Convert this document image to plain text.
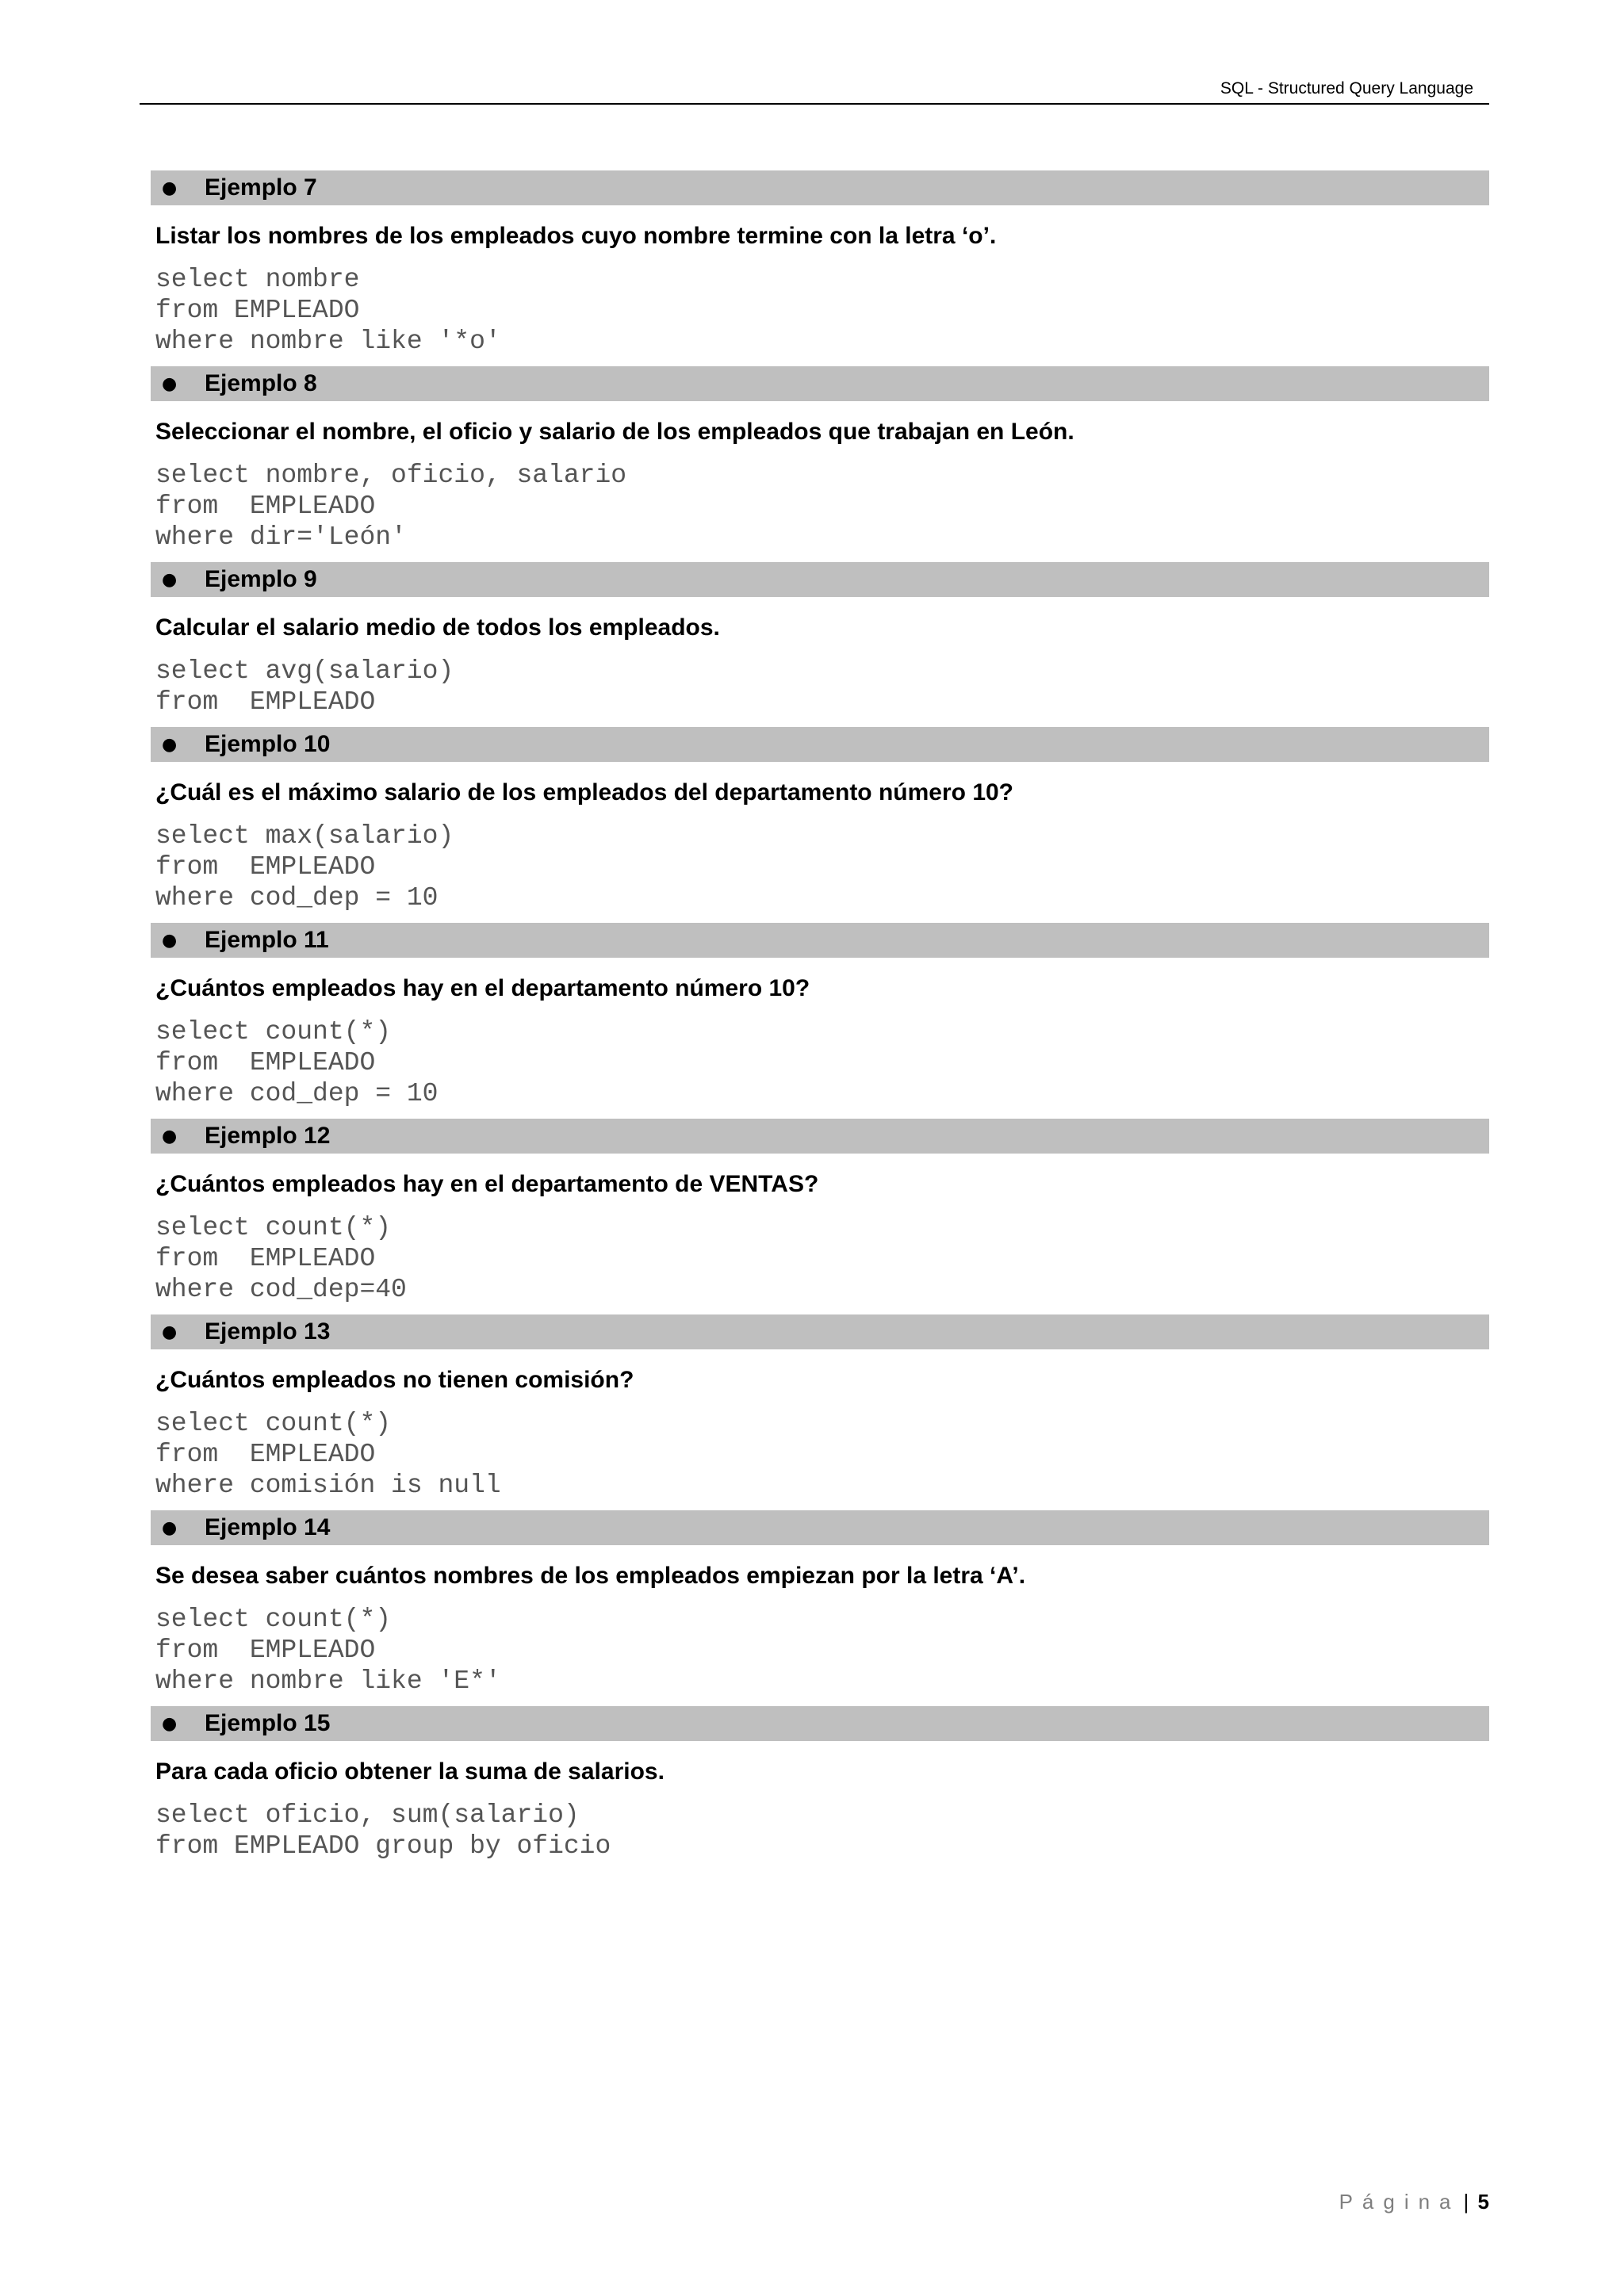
SQL - Structured Query Language
●	Ejemplo 7
Listar los nombres de los empleados cuyo nombre termine con la letra ‘o’.
select nombre
from EMPLEADO
where nombre like '*o'
●	Ejemplo 8
Seleccionar el nombre, el oficio y salario de los empleados que trabajan en León.
select nombre, oficio, salario
from  EMPLEADO
where dir='León'
●	Ejemplo 9
Calcular el salario medio de todos los empleados.
select avg(salario)
from  EMPLEADO
●	Ejemplo 10
¿Cuál es el máximo salario de los empleados del departamento número 10?
select max(salario)
from  EMPLEADO
where cod_dep = 10
●	Ejemplo 11
¿Cuántos empleados hay en el departamento número 10?
select count(*)
from  EMPLEADO
where cod_dep = 10
●	Ejemplo 12
¿Cuántos empleados hay en el departamento de VENTAS?
select count(*)
from  EMPLEADO
where cod_dep=40
●	Ejemplo 13
¿Cuántos empleados no tienen comisión?
select count(*)
from  EMPLEADO
where comisión is null
●	Ejemplo 14
Se desea saber cuántos nombres de los empleados empiezan por la letra ‘A’.
select count(*)
from  EMPLEADO
where nombre like 'E*'
●	Ejemplo 15
Para cada oficio obtener la suma de salarios.
select oficio, sum(salario)
from EMPLEADO group by oficio
Página | 5
